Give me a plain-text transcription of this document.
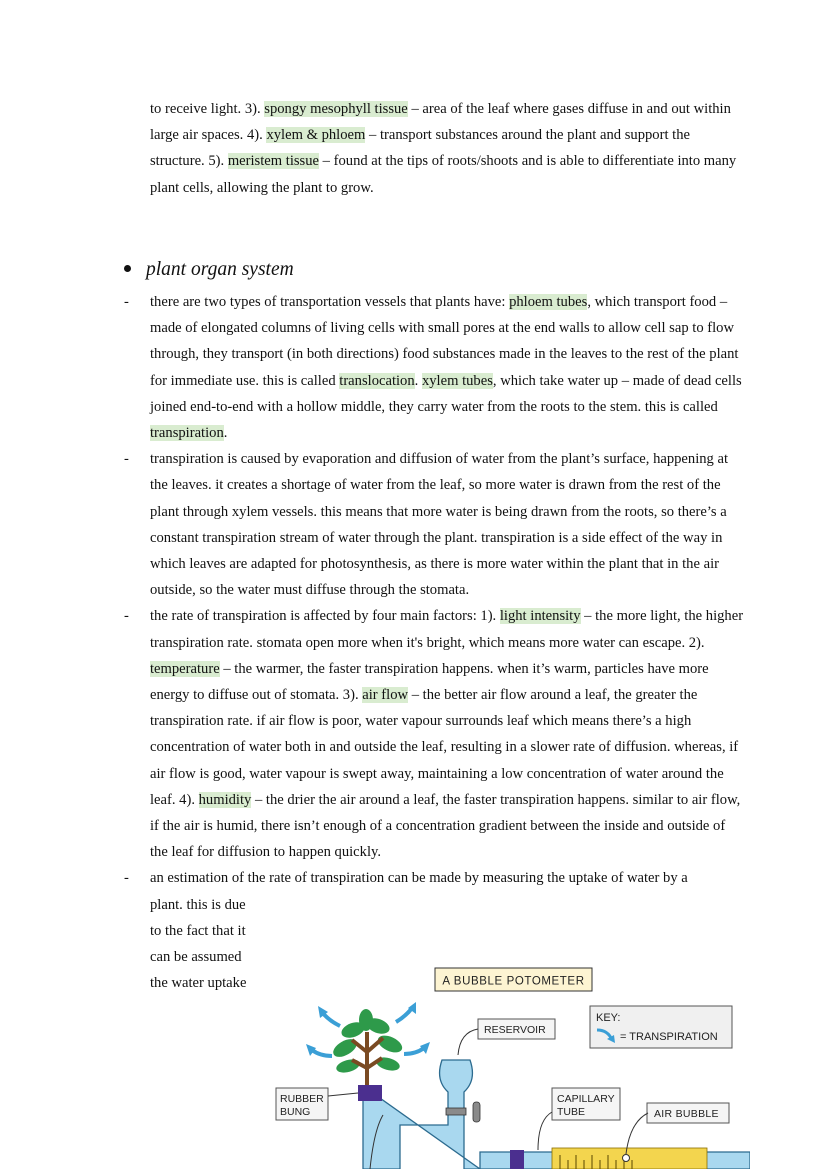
to receive light. 3). spongy mesophyll tissue – area of the leaf where gases diffuse in and out within large air spaces. 4). xylem & phloem – transport substances around the plant and support the structure. 5). meristem tissue – found at the tips of roots/shoots and is able to differentiate into many plant cells, allowing the plant to grow.

plant organ system
- there are two types of transportation vessels that plants have: phloem tubes, which transport food – made of elongated columns of living cells with small pores at the end walls to allow cell sap to flow through, they transport (in both directions) food substances made in the leaves to the rest of the plant for immediate use. this is called translocation. xylem tubes, which take water up – made of dead cells joined end-to-end with a hollow middle, they carry water from the roots to the stem. this is called transpiration.
- transpiration is caused by evaporation and diffusion of water from the plant’s surface, happening at the leaves. it creates a shortage of water from the leaf, so more water is drawn from the rest of the plant through xylem vessels. this means that more water is being drawn from the roots, so there’s a constant transpiration stream of water through the plant. transpiration is a side effect of the way in which leaves are adapted for photosynthesis, as there is more water within the plant that in the air outside, so the water must diffuse through the stomata.
- the rate of transpiration is affected by four main factors: 1). light intensity – the more light, the higher transpiration rate. stomata open more when it's bright, which means more water can escape. 2). temperature – the warmer, the faster transpiration happens. when it’s warm, particles have more energy to diffuse out of stomata. 3). air flow – the better air flow around a leaf, the greater the transpiration rate. if air flow is poor, water vapour surrounds leaf which means there’s a high concentration of water both in and outside the leaf, resulting in a slower rate of diffusion. whereas, if air flow is good, water vapour is swept away, maintaining a low concentration of water around the leaf. 4). humidity – the drier the air around a leaf, the faster transpiration happens. similar to air flow, if the air is humid, there isn’t enough of a concentration gradient between the inside and outside of the leaf for diffusion to happen quickly.
- an estimation of the rate of transpiration can be made by measuring the uptake of water by a
plant. this is due to the fact that it can be assumed the water uptake	A BUBBLE POTOMETER
KEY:
= TRANSPIRATION
RESERVOIR
RUBBER
BUNG
CAPILLARY
TUBE	AIR BUBBLE
